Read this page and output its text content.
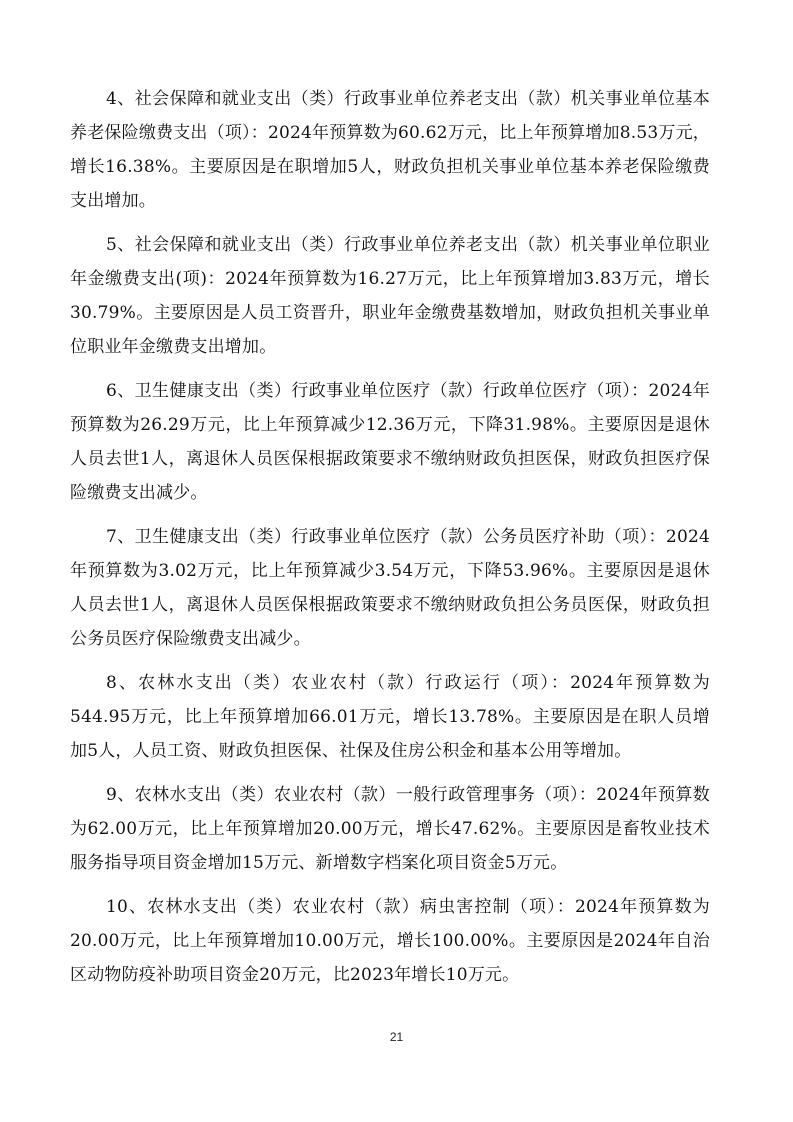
4、社会保障和就业支出（类）行政事业单位养老支出（款）机关事业单位基本养老保险缴费支出（项）：2024年预算数为60.62万元，比上年预算增加8.53万元，增长16.38%。主要原因是在职增加5人，财政负担机关事业单位基本养老保险缴费支出增加。

5、社会保障和就业支出（类）行政事业单位养老支出（款）机关事业单位职业年金缴费支出(项)：2024年预算数为16.27万元，比上年预算增加3.83万元，增长30.79%。主要原因是人员工资晋升，职业年金缴费基数增加，财政负担机关事业单位职业年金缴费支出增加。

6、卫生健康支出（类）行政事业单位医疗（款）行政单位医疗（项）：2024年预算数为26.29万元，比上年预算减少12.36万元，下降31.98%。主要原因是退休人员去世1人，离退休人员医保根据政策要求不缴纳财政负担医保，财政负担医疗保险缴费支出减少。

7、卫生健康支出（类）行政事业单位医疗（款）公务员医疗补助（项）：2024年预算数为3.02万元，比上年预算减少3.54万元，下降53.96%。主要原因是退休人员去世1人，离退休人员医保根据政策要求不缴纳财政负担公务员医保，财政负担公务员医疗保险缴费支出减少。

8、农林水支出（类）农业农村（款）行政运行（项）：2024年预算数为544.95万元，比上年预算增加66.01万元，增长13.78%。主要原因是在职人员增加5人，人员工资、财政负担医保、社保及住房公积金和基本公用等增加。

9、农林水支出（类）农业农村（款）一般行政管理事务（项）：2024年预算数为62.00万元，比上年预算增加20.00万元，增长47.62%。主要原因是畜牧业技术服务指导项目资金增加15万元、新增数字档案化项目资金5万元。

10、农林水支出（类）农业农村（款）病虫害控制（项）：2024年预算数为20.00万元，比上年预算增加10.00万元，增长100.00%。主要原因是2024年自治区动物防疫补助项目资金20万元，比2023年增长10万元。

21
